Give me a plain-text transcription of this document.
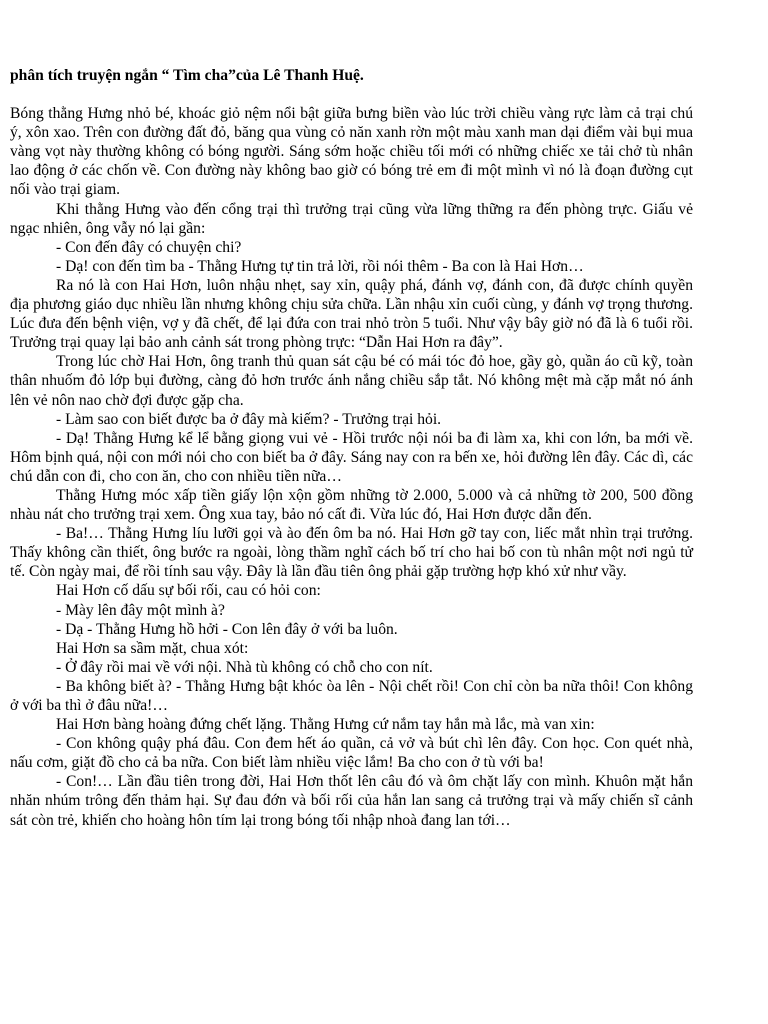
phân tích truyện ngắn “ Tìm cha”của Lê Thanh Huệ.

Bóng thằng Hưng nhỏ bé, khoác giỏ nệm nổi bật giữa bưng biền vào lúc trời chiều vàng rực làm cả trại chú ý, xôn xao. Trên con đường đất đỏ, băng qua vùng cỏ năn xanh rờn một màu xanh man dại điểm vài bụi mua vàng vọt này thường không có bóng người. Sáng sớm hoặc chiều tối mới có những chiếc xe tải chở tù nhân lao động ở các chốn về. Con đường này không bao giờ có bóng trẻ em đi một mình vì nó là đoạn đường cụt nối vào trại giam.

Khi thằng Hưng vào đến cổng trại thì trưởng trại cũng vừa lững thững ra đến phòng trực. Giấu vẻ ngạc nhiên, ông vẫy nó lại gần:

- Con đến đây có chuyện chi?

- Dạ! con đến tìm ba - Thằng Hưng tự tin trả lời, rồi nói thêm - Ba con là Hai Hơn…

Ra nó là con Hai Hơn, luôn nhậu nhẹt, say xỉn, quậy phá, đánh vợ, đánh con, đã được chính quyền địa phương giáo dục nhiều lần nhưng không chịu sửa chữa. Lần nhậu xỉn cuối cùng, y đánh vợ trọng thương. Lúc đưa đến bệnh viện, vợ y đã chết, để lại đứa con trai nhỏ tròn 5 tuổi. Như vậy bây giờ nó đã là 6 tuổi rồi. Trưởng trại quay lại bảo anh cảnh sát trong phòng trực: “Dẫn Hai Hơn ra đây”.

Trong lúc chờ Hai Hơn, ông tranh thủ quan sát cậu bé có mái tóc đỏ hoe, gầy gò, quần áo cũ kỹ, toàn thân nhuốm đỏ lớp bụi đường, càng đỏ hơn trước ánh nắng chiều sắp tắt. Nó không mệt mà cặp mắt nó ánh lên vẻ nôn nao chờ đợi được gặp cha.

- Làm sao con biết được ba ở đây mà kiếm? - Trưởng trại hỏi.

- Dạ! Thằng Hưng kể lể bằng giọng vui vẻ - Hồi trước nội nói ba đi làm xa, khi con lớn, ba mới về. Hôm bịnh quá, nội con mới nói cho con biết ba ở đây. Sáng nay con ra bến xe, hỏi đường lên đây. Các dì, các chú dẫn con đi, cho con ăn, cho con nhiều tiền nữa…

Thằng Hưng móc xấp tiền giấy lộn xộn gồm những tờ 2.000, 5.000 và cả những tờ 200, 500 đồng nhàu nát cho trưởng trại xem. Ông xua tay, bảo nó cất đi. Vừa lúc đó, Hai Hơn được dẫn đến.

- Ba!… Thằng Hưng líu lưỡi gọi và ào đến ôm ba nó. Hai Hơn gỡ tay con, liếc mắt nhìn trại trưởng. Thấy không cần thiết, ông bước ra ngoài, lòng thầm nghĩ cách bố trí cho hai bố con tù nhân một nơi ngủ tử tế. Còn ngày mai, để rồi tính sau vậy. Đây là lần đầu tiên ông phải gặp trường hợp khó xử như vầy.

Hai Hơn cố dấu sự bối rối, cau có hỏi con:

- Mày lên đây một mình à?

- Dạ - Thằng Hưng hồ hởi - Con lên đây ở với ba luôn.

Hai Hơn sa sầm mặt, chua xót:

- Ở đây rồi mai về với nội. Nhà tù không có chỗ cho con nít.

- Ba không biết à? - Thằng Hưng bật khóc òa lên - Nội chết rồi! Con chỉ còn ba nữa thôi! Con không ở với ba thì ở đâu nữa!…

Hai Hơn bàng hoàng đứng chết lặng. Thằng Hưng cứ nắm tay hắn mà lắc, mà van xin:

- Con không quậy phá đâu. Con đem hết áo quần, cả vở và bút chì lên đây. Con học. Con quét nhà, nấu cơm, giặt đồ cho cả ba nữa. Con biết làm nhiều việc lắm! Ba cho con ở tù với ba!

- Con!… Lần đầu tiên trong đời, Hai Hơn thốt lên câu đó và ôm chặt lấy con mình. Khuôn mặt hắn nhăn nhúm trông đến thảm hại. Sự đau đớn và bối rối của hắn lan sang cả trưởng trại và mấy chiến sĩ cảnh sát còn trẻ, khiến cho hoàng hôn tím lại trong bóng tối nhập nhoà đang lan tới…
